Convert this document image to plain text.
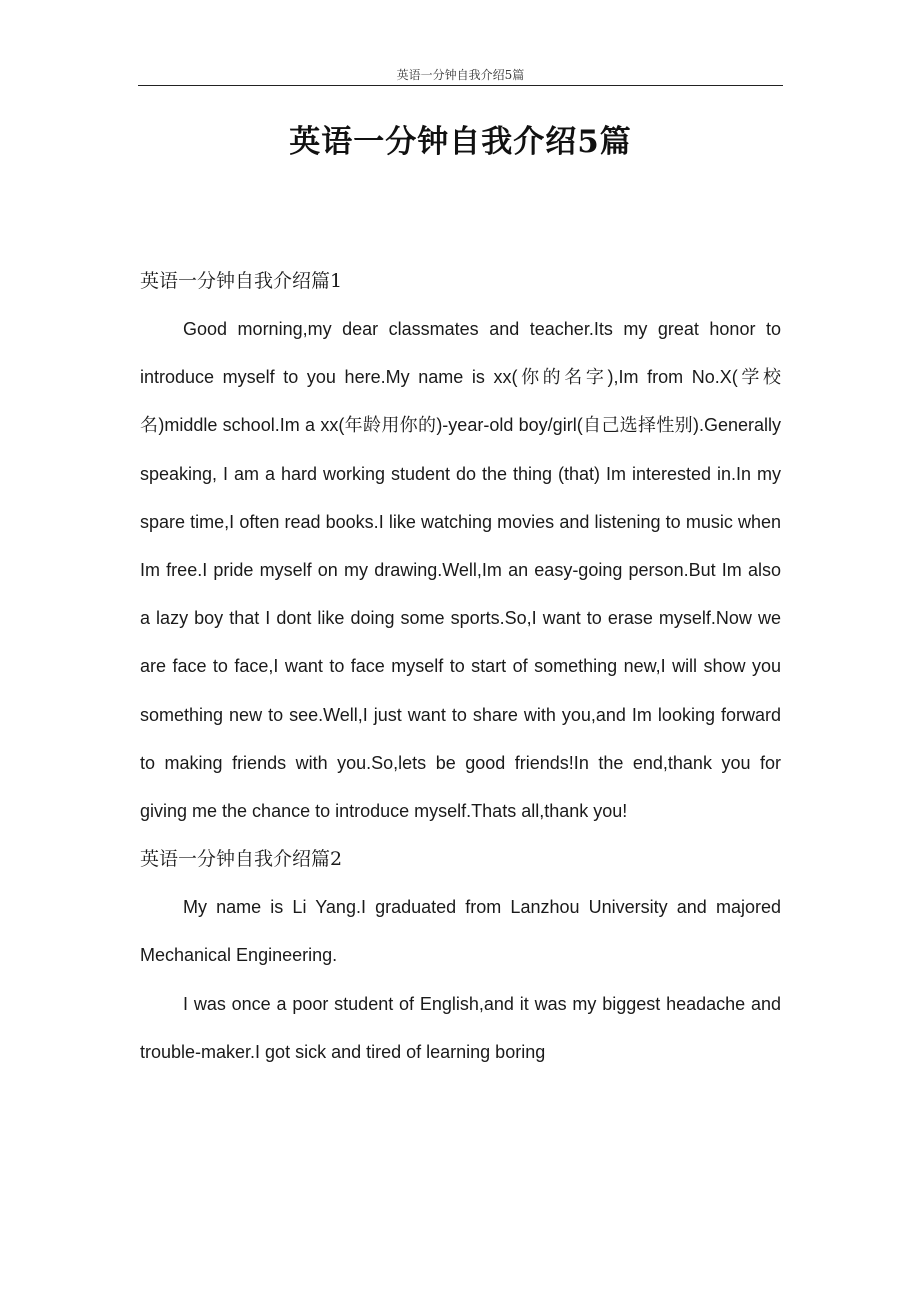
英语一分钟自我介绍5篇
英语一分钟自我介绍5篇
英语一分钟自我介绍篇1

Good morning,my dear classmates and teacher.Its my great honor to introduce myself to you here.My name is xx(你的名字),Im from No.X(学校名)middle school.Im a xx(年龄用你的)-year-old boy/girl(自己选择性别).Generally speaking, I am a hard working student do the thing (that) Im interested in.In my spare time,I often read books.I like watching movies and listening to music when Im free.I pride myself on my drawing.Well,Im an easy-going person.But Im also a lazy boy that I dont like doing some sports.So,I want to erase myself.Now we are face to face,I want to face myself to start of something new,I will show you something new to see.Well,I just want to share with you,and Im looking forward to making friends with you.So,lets be good friends!In the end,thank you for giving me the chance to introduce myself.Thats all,thank you!

英语一分钟自我介绍篇2

My name is Li Yang.I graduated from Lanzhou University and majored Mechanical Engineering.

I was once a poor student of English,and it was my biggest headache and trouble-maker.I got sick and tired of learning boring
